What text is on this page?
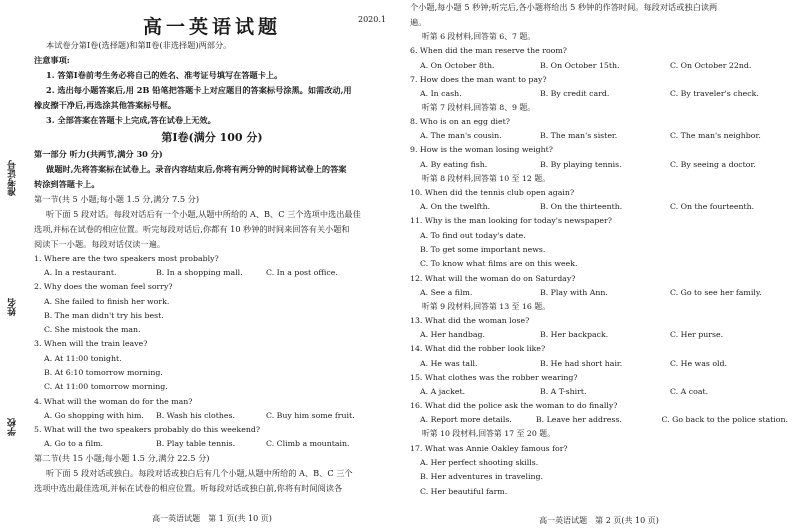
准考证号
姓名
学校
2020.1
高一英语试题
本试卷分第Ⅰ卷(选择题)和第Ⅱ卷(非选择题)两部分。
注意事项:
1. 答第Ⅰ卷前考生务必将自己的姓名、准考证号填写在答题卡上。
2. 选出每小题答案后,用 2B 铅笔把答题卡上对应题目的答案标号涂黑。如需改动,用
橡皮擦干净后,再选涂其他答案标号框。
3. 全部答案在答题卡上完成,答在试卷上无效。
第Ⅰ卷(满分 100 分)
第一部分 听力(共两节,满分 30 分)
做题时,先将答案标在试卷上。录音内容结束后,你将有两分钟的时间将试卷上的答案
转涂到答题卡上。
第一节(共 5 小题;每小题 1.5 分,满分 7.5 分)
听下面 5 段对话。每段对话后有一个小题,从题中所给的 A、B、C 三个选项中选出最佳
选项,并标在试卷的相应位置。听完每段对话后,你都有 10 秒钟的时间来回答有关小题和
阅读下一小题。每段对话仅读一遍。
1. Where are the two speakers most probably?
A. In a restaurant.	B. In a shopping mall.	C. In a post office.
2. Why does the woman feel sorry?
A. She failed to finish her work.
B. The man didn't try his best.
C. She mistook the man.
3. When will the train leave?
A. At 11:00 tonight.
B. At 6:10 tomorrow morning.
C. At 11:00 tomorrow morning.
4. What will the woman do for the man?
A. Go shopping with him.	B. Wash his clothes.	C. Buy him some fruit.
5. What will the two speakers probably do this weekend?
A. Go to a film.	B. Play table tennis.	C. Climb a mountain.
第二节(共 15 小题;每小题 1.5 分,满分 22.5 分)
听下面 5 段对话或独白。每段对话或独白后有几个小题,从题中所给的 A、B、C 三个
选项中选出最佳选项,并标在试卷的相应位置。听每段对话或独白前,你将有时间阅读各
高一英语试题　第 1 页(共 10 页)
个小题,每小题 5 秒钟;听完后,各小题将给出 5 秒钟的作答时间。每段对话或独白读两
遍。
听第 6 段材料,回答第 6、7 题。
6. When did the man reserve the room?
A. On October 8th.	B. On October 15th.	C. On October 22nd.
7. How does the man want to pay?
A. In cash.	B. By credit card.	C. By traveler's check.
听第 7 段材料,回答第 8、9 题。
8. Who is on an egg diet?
A. The man's cousin.	B. The man's sister.	C. The man's neighbor.
9. How is the woman losing weight?
A. By eating fish.	B. By playing tennis.	C. By seeing a doctor.
听第 8 段材料,回答第 10 至 12 题。
10. When did the tennis club open again?
A. On the twelfth.	B. On the thirteenth.	C. On the fourteenth.
11. Why is the man looking for today's newspaper?
A. To find out today's date.
B. To get some important news.
C. To know what films are on this week.
12. What will the woman do on Saturday?
A. See a film.	B. Play with Ann.	C. Go to see her family.
听第 9 段材料,回答第 13 至 16 题。
13. What did the woman lose?
A. Her handbag.	B. Her backpack.	C. Her purse.
14. What did the robber look like?
A. He was tall.	B. He had short hair.	C. He was old.
15. What clothes was the robber wearing?
A. A jacket.	B. A T-shirt.	C. A coat.
16. What did the police ask the woman to do finally?
A. Report more details.	B. Leave her address.	C. Go back to the police station.
听第 10 段材料,回答第 17 至 20 题。
17. What was Annie Oakley famous for?
A. Her perfect shooting skills.
B. Her adventures in traveling.
C. Her beautiful farm.
高一英语试题　第 2 页(共 10 页)
